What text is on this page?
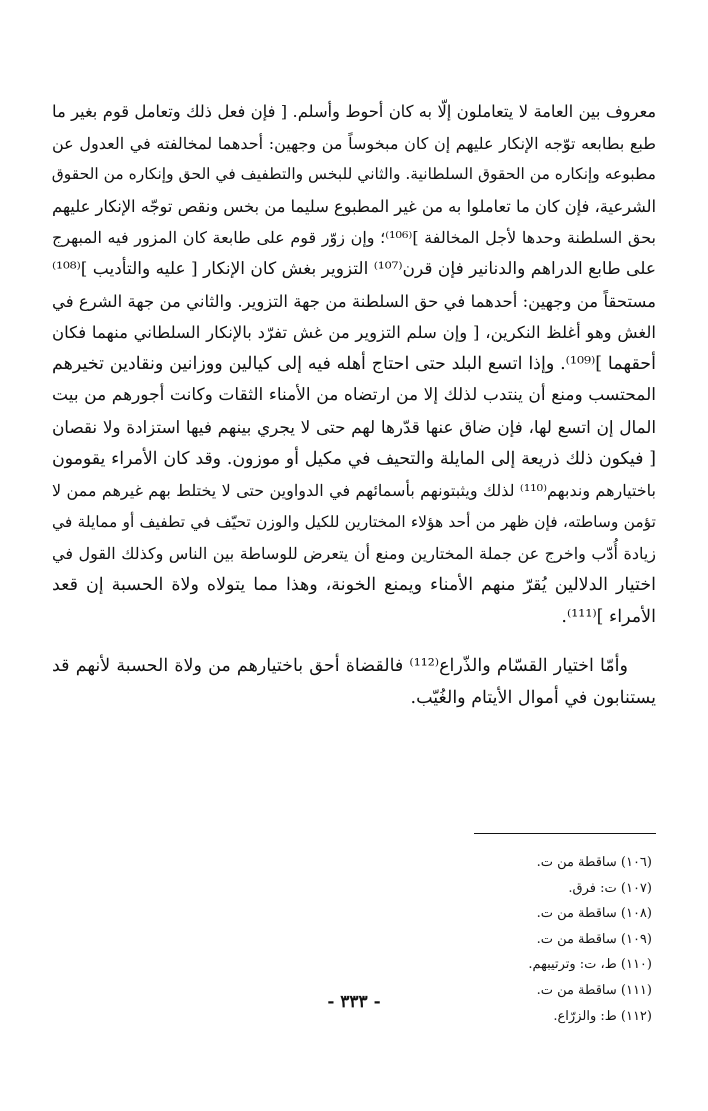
معروف بين العامة لا يتعاملون إلّا به كان أحوط وأسلم. [ فإن فعل ذلك وتعامل قوم بغير ما
طبع بطابعه توّجه الإنكار عليهم إن كان مبخوساً من وجهين: أحدهما لمخالفته في العدول عن
مطبوعه وإنكاره من الحقوق السلطانية. والثاني للبخس والتطفيف في الحق وإنكاره من الحقوق
الشرعية، فإن كان ما تعاملوا به من غير المطبوع سليما من بخس ونقص توجّه الإنكار عليهم
بحق السلطنة وحدها لأجل المخالفة ]⁽¹⁰⁶⁾؛ وإن زوّر قوم على طابعة كان المزور فيه المبهرج
على طابع الدراهم والدنانير فإن قرن⁽¹⁰⁷⁾ التزوير بغش كان الإنكار [ عليه والتأديب ]⁽¹⁰⁸⁾
مستحقاً من وجهين: أحدهما في حق السلطنة من جهة التزوير. والثاني من جهة الشرع في
الغش وهو أغلظ النكرين، [ وإن سلم التزوير من غش تفرّد بالإنكار السلطاني منهما فكان
أحقهما ]⁽¹⁰⁹⁾. وإذا اتسع البلد حتى احتاج أهله فيه إلى كيالين ووزانين ونقادين تخيرهم
المحتسب ومنع أن ينتدب لذلك إلا من ارتضاه من الأمناء الثقات وكانت أجورهم من بيت
المال إن اتسع لها، فإن ضاق عنها قدّرها لهم حتى لا يجري بينهم فيها استزادة ولا نقصان
[ فيكون ذلك ذريعة إلى المايلة والتحيف في مكيل أو موزون. وقد كان الأمراء يقومون
باختيارهم وندبهم⁽¹¹⁰⁾ لذلك ويثبتونهم بأسمائهم في الدواوين حتى لا يختلط بهم غيرهم ممن لا
تؤمن وساطته، فإن ظهر من أحد هؤلاء المختارين للكيل والوزن تحيّف في تطفيف أو ممايلة في
زيادة أُدّب واخرج عن جملة المختارين ومنع أن يتعرض للوساطة بين الناس وكذلك القول في
اختيار الدلالين يُقرّ منهم الأمناء ويمنع الخونة، وهذا مما يتولاه ولاة الحسبة إن قعد
الأمراء ]⁽¹¹¹⁾.
وأمّا اختيار القسّام والذّراع⁽¹¹²⁾ فالقضاة أحق باختيارهم من ولاة الحسبة لأنهم قد
يستنابون في أموال الأيتام والغُيّب.
(١٠٦) ساقطة من ت.
(١٠٧) ت: فرق.
(١٠٨) ساقطة من ت.
(١٠٩) ساقطة من ت.
(١١٠) ط، ت: وترتيبهم.
(١١١) ساقطة من ت.
(١١٢) ط: والزرّاع.
- ٣٣٣ -
